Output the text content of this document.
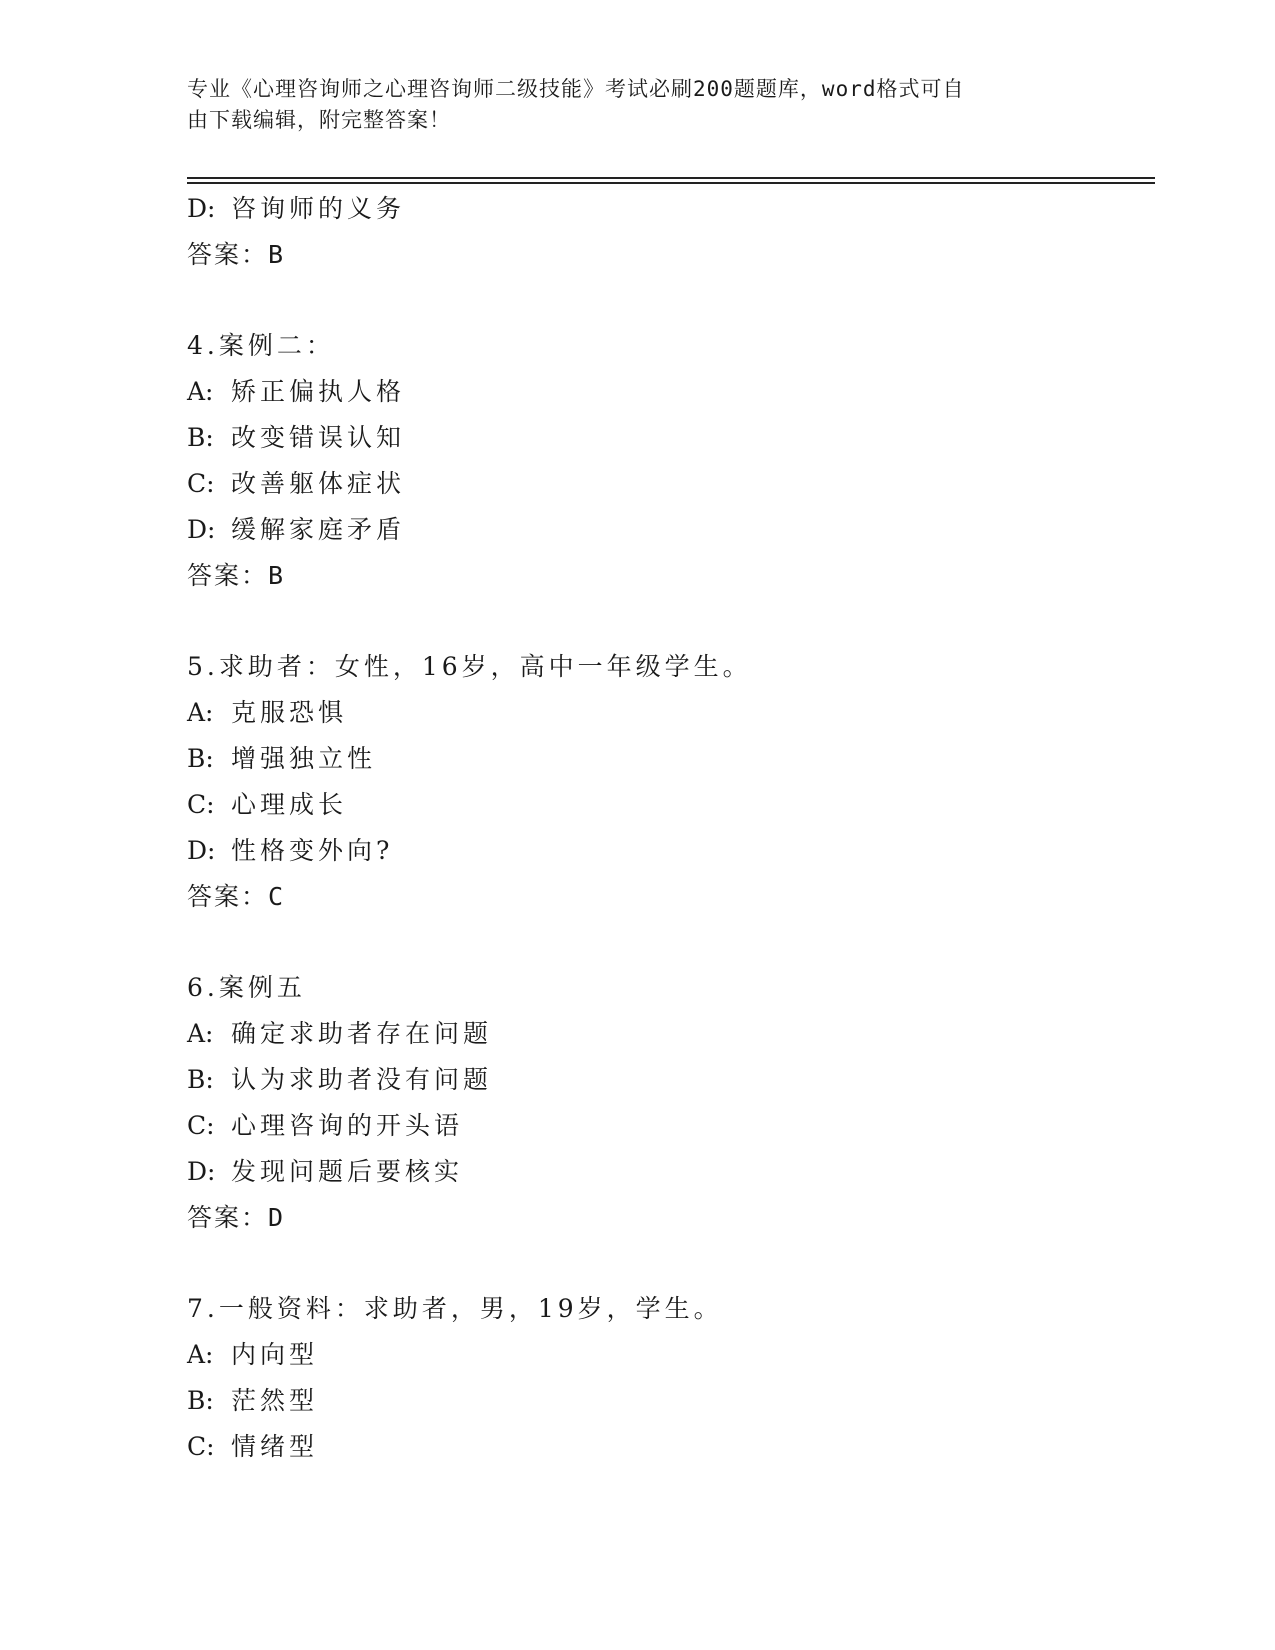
专业《心理咨询师之心理咨询师二级技能》考试必刷200题题库，word格式可自
由下载编辑，附完整答案！
D: 咨询师的义务
答案：B
4.案例二：
A: 矫正偏执人格
B: 改变错误认知
C: 改善躯体症状
D: 缓解家庭矛盾
答案：B
5.求助者：女性，16岁，高中一年级学生。
A: 克服恐惧
B: 增强独立性
C: 心理成长
D: 性格变外向?
答案：C
6.案例五
A: 确定求助者存在问题
B: 认为求助者没有问题
C: 心理咨询的开头语
D: 发现问题后要核实
答案：D
7.一般资料：求助者，男，19岁，学生。
A: 内向型
B: 茫然型
C: 情绪型
